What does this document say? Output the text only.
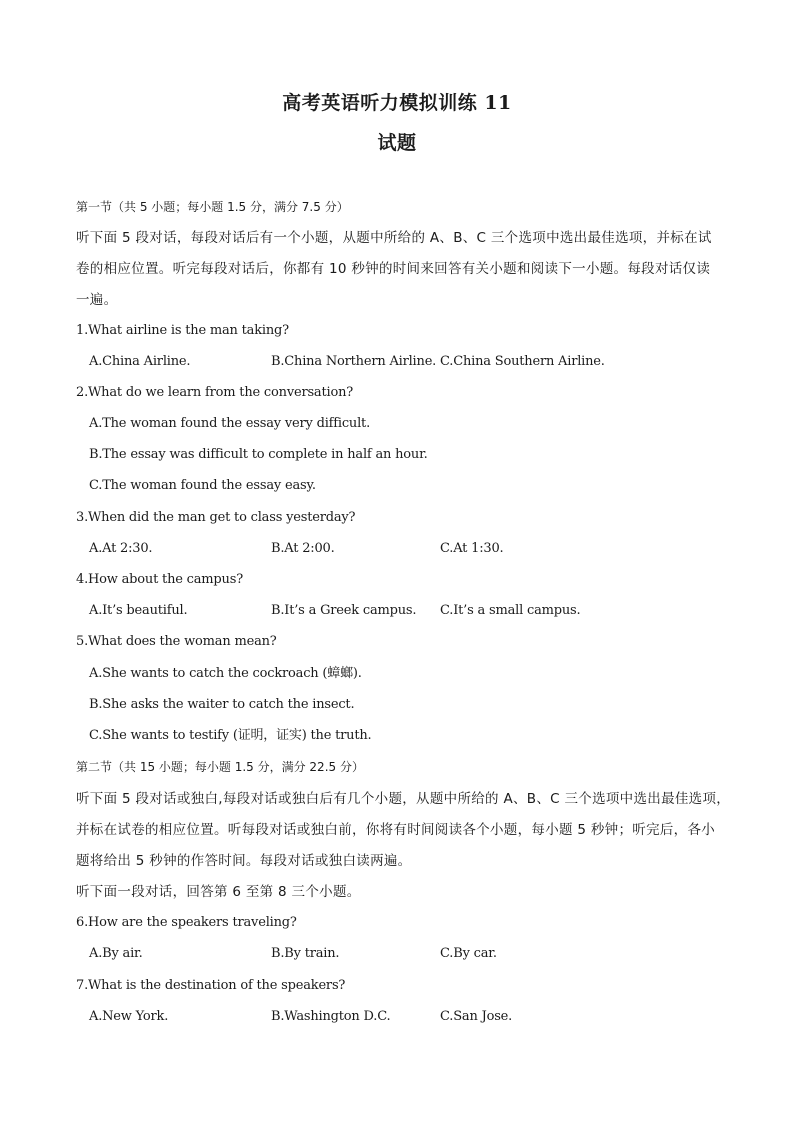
高考英语听力模拟训练 11
试题
第一节（共 5 小题；每小题 1.5 分，满分 7.5 分）
听下面 5 段对话，每段对话后有一个小题，从题中所给的 A、B、C 三个选项中选出最佳选项，并标在试
卷的相应位置。听完每段对话后，你都有 10 秒钟的时间来回答有关小题和阅读下一小题。每段对话仅读
一遍。
1.What airline is the man taking?
A.China Airline.	B.China Northern Airline. C.China Southern Airline.
2.What do we learn from the conversation?
A.The woman found the essay very difficult.
B.The essay was difficult to complete in half an hour.
C.The woman found the essay easy.
3.When did the man get to class yesterday?
A.At 2:30.	B.At 2:00.	C.At 1:30.
4.How about the campus?
A.It’s beautiful.	B.It’s a Greek campus. C.It’s a small campus.
5.What does the woman mean?
A.She wants to catch the cockroach (蟑螂).
B.She asks the waiter to catch the insect.
C.She wants to testify (证明，证实) the truth.
第二节（共 15 小题；每小题 1.5 分，满分 22.5 分）
听下面 5 段对话或独白,每段对话或独白后有几个小题，从题中所给的 A、B、C 三个选项中选出最佳选项，
并标在试卷的相应位置。听每段对话或独白前，你将有时间阅读各个小题，每小题 5 秒钟；听完后，各小
题将给出 5 秒钟的作答时间。每段对话或独白读两遍。
听下面一段对话，回答第 6 至第 8 三个小题。
6.How are the speakers traveling?
A.By air.	B.By train.	C.By car.
7.What is the destination of the speakers?
A.New York.	B.Washington D.C.	C.San Jose.
